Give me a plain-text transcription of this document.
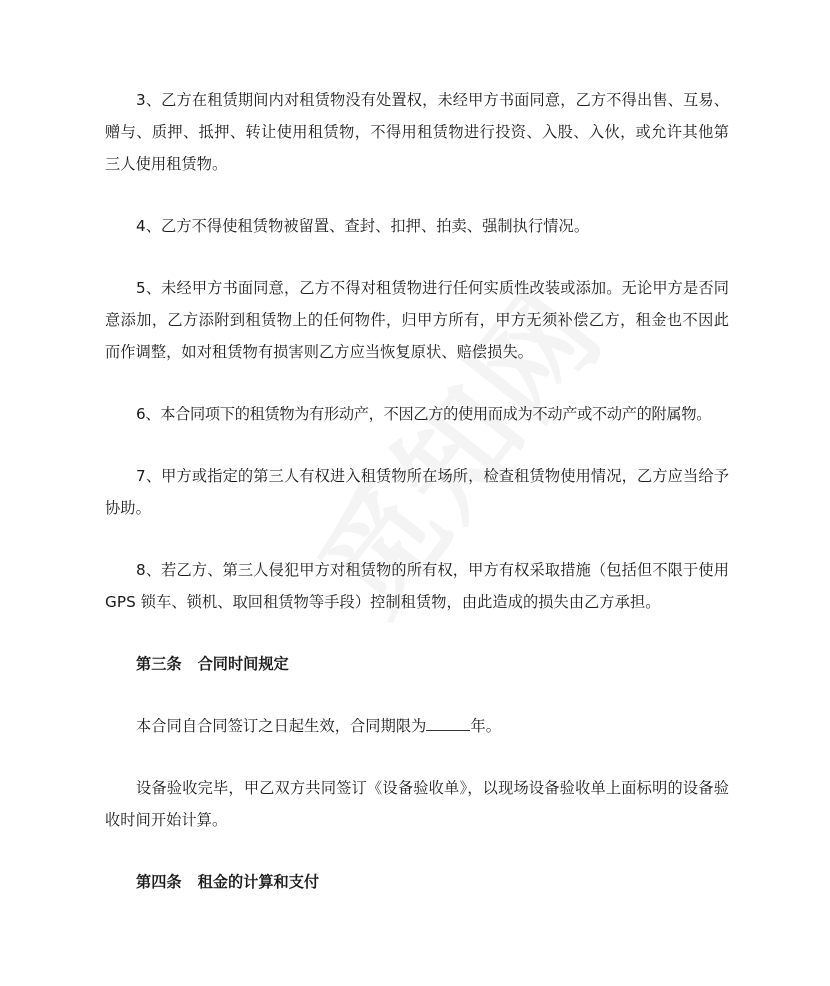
3、乙方在租赁期间内对租赁物没有处置权，未经甲方书面同意，乙方不得出售、互易、赠与、质押、抵押、转让使用租赁物，不得用租赁物进行投资、入股、入伙，或允许其他第三人使用租赁物。

4、乙方不得使租赁物被留置、查封、扣押、拍卖、强制执行情况。

5、未经甲方书面同意，乙方不得对租赁物进行任何实质性改装或添加。无论甲方是否同意添加，乙方添附到租赁物上的任何物件，归甲方所有，甲方无须补偿乙方，租金也不因此而作调整，如对租赁物有损害则乙方应当恢复原状、赔偿损失。

6、本合同项下的租赁物为有形动产，不因乙方的使用而成为不动产或不动产的附属物。

7、甲方或指定的第三人有权进入租赁物所在场所，检查租赁物使用情况，乙方应当给予协助。

8、若乙方、第三人侵犯甲方对租赁物的所有权，甲方有权采取措施（包括但不限于使用 GPS 锁车、锁机、取回租赁物等手段）控制租赁物，由此造成的损失由乙方承担。

第三条 合同时间规定

本合同自合同签订之日起生效，合同期限为	年。

设备验收完毕，甲乙双方共同签订《设备验收单》，以现场设备验收单上面标明的设备验收时间开始计算。

第四条 租金的计算和支付
